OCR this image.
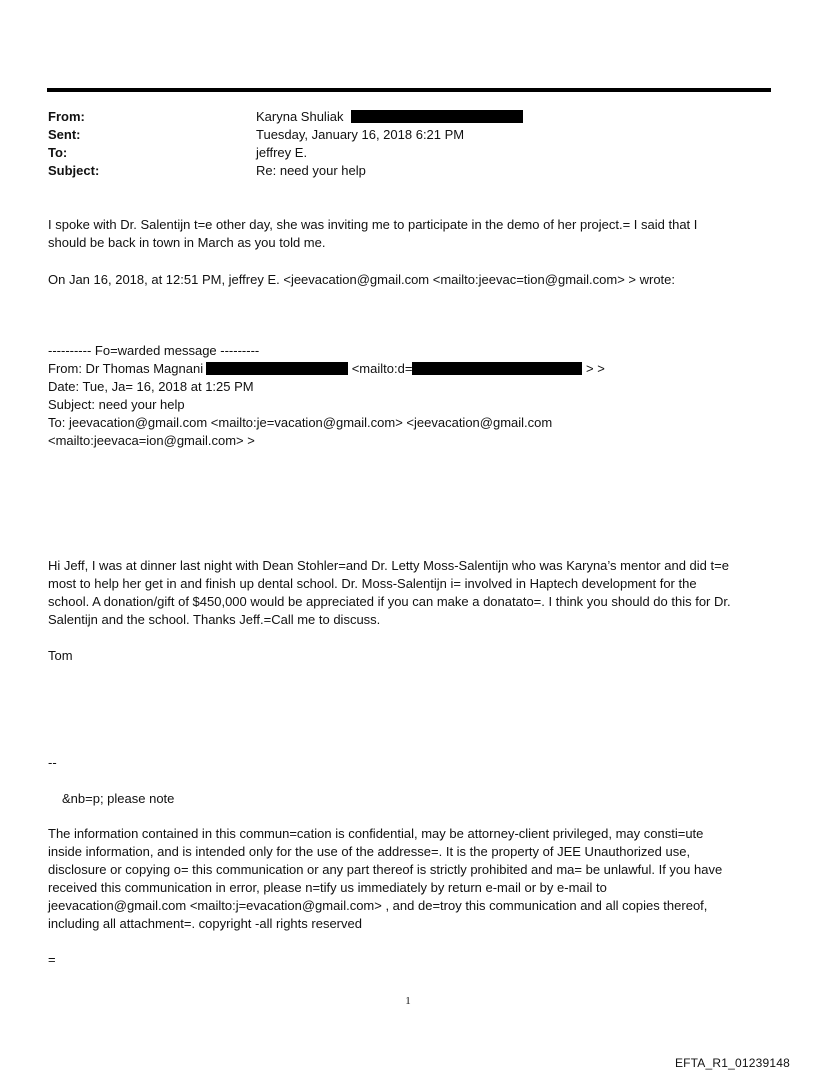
From:	Karyna Shuliak
Sent:	Tuesday, January 16, 2018 6:21 PM
To:	jeffrey E.
Subject:	Re: need your help
I spoke with Dr. Salentijn t=e other day, she was inviting me to participate in the demo of her project.= I said that I
should be back in town in March as you told me.
On Jan 16, 2018, at 12:51 PM, jeffrey E. <jeevacation@gmail.com <mailto:jeevac=tion@gmail.com> > wrote:
---------- Fo=warded message ---------
From: Dr Thomas Magnani	<mailto:d=	> >
Date: Tue, Ja= 16, 2018 at 1:25 PM
Subject: need your help
To: jeevacation@gmail.com <mailto:je=vacation@gmail.com> <jeevacation@gmail.com
<mailto:jeevaca=ion@gmail.com> >
Hi Jeff, I was at dinner last night with Dean Stohler=and Dr. Letty Moss-Salentijn who was Karyna’s mentor and did t=e
most to help her get in and finish up dental school. Dr. Moss-Salentijn i= involved in Haptech development for the
school. A donation/gift of $450,000 would be appreciated if you can make a donatato=. I think you should do this for Dr.
Salentijn and the school. Thanks Jeff.=Call me to discuss.
Tom
--
&nb=p; please note
The information contained in this commun=cation is confidential, may be attorney-client privileged, may consti=ute
inside information, and is intended only for the use of the addresse=. It is the property of JEE Unauthorized use,
disclosure or copying o= this communication or any part thereof is strictly prohibited and ma= be unlawful. If you have
received this communication in error, please n=tify us immediately by return e-mail or by e-mail to
jeevacation@gmail.com <mailto:j=evacation@gmail.com> , and de=troy this communication and all copies thereof,
including all attachment=. copyright -all rights reserved
=
1
EFTA_R1_01239148
